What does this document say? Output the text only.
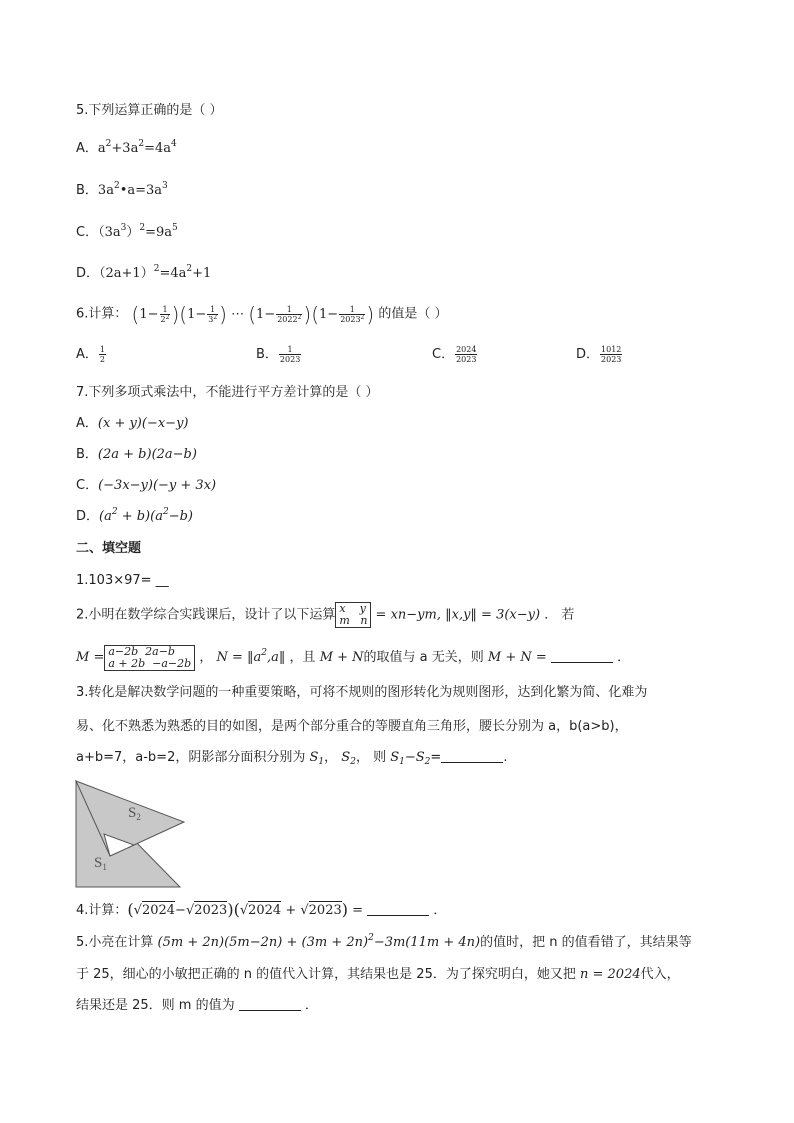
5.下列运算正确的是（ ）
A．$a^2+3a^2=4a^4$
B．$3a^2•a=3a^3$
C．$(3a^3)^2=9a^5$
D．$(2a+1)^2=4a^2+1$
6.计算： $(1- \frac{1}{2^2} )(1- \frac{1}{3^2}$ ) ⋯ $(1- \frac{1}{2022^2} )(1- \frac{1}{2023^2}$ ) 的值是（ ）
A． $\frac{1}{2}$	B． $\frac{1}{2023}$	C． $\frac{2024}{2023}$	D． $\frac{1012}{2023}$
7.下列多项式乘法中，不能进行平方差计算的是（ ）
A．(x + y)(−x−y)
B．(2a + b)(2a−b)
C．(−3x−y)(−y + 3x)
D．$(a^2 + b)(a^2-b)$
二、填空题
1.103×97= __
2.小明在数学综合实践课后，设计了以下运算 x    y
m   n = xn−ym, ‖x,y‖ = 3(x−y) ． 若
M = a−2b  2a−b
a + 2b  −a−2b ， $N = ‖a^2,a‖$ ，且 M + N的取值与 a 无关，则 M + N =	．
3.转化是解决数学问题的一种重要策略，可将不规则的图形转化为规则图形，达到化繁为简、化难为
易、化不熟悉为熟悉的目的如图，是两个部分重合的等腰直角三角形，腰长分别为 a，b(a>b)，
a+b=7，a-b=2，阴影部分面积分别为 $S_1$， $S_2$， 则 $S_1-S_2=$	.
$S_2$
$S_1$
4.计算：(√2024−√2023)(√2024 + √2023) =	．
5.小亮在计算 $(5m + 2n)(5m-2n) + (3m + 2n)^2-3m(11m + 4n)$的值时，把 n 的值看错了，其结果等
于 25，细心的小敏把正确的 n 的值代入计算，其结果也是 25．为了探究明白，她又把 n = 2024代入，
结果还是 25．则 m 的值为	．
